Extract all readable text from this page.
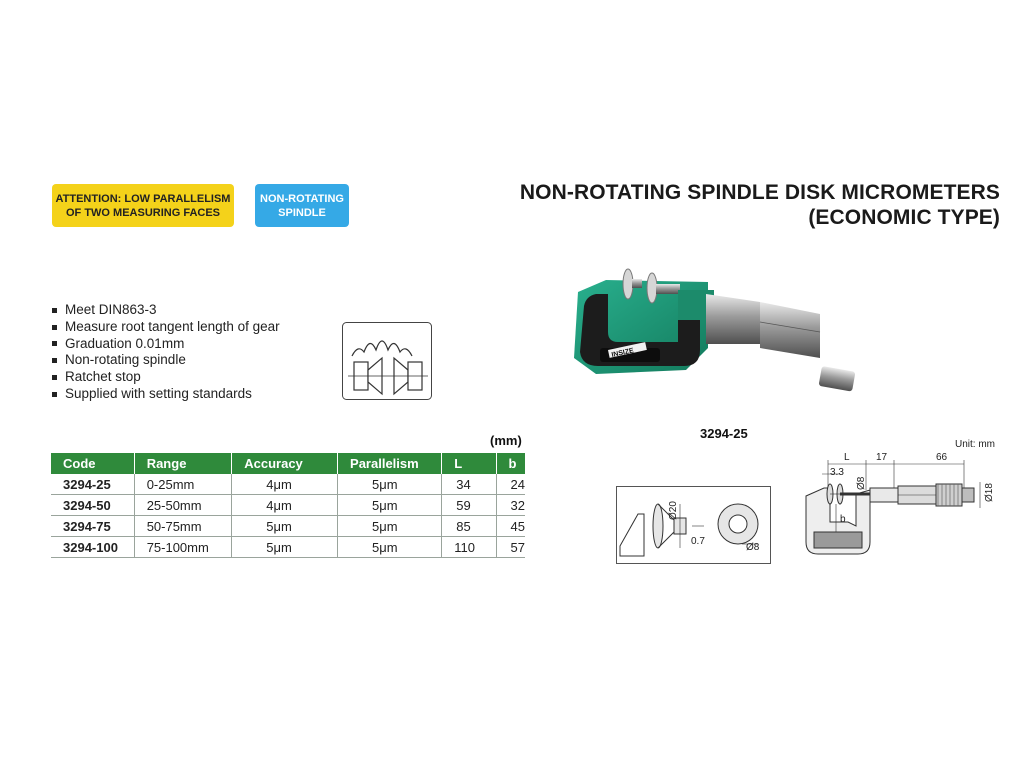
ATTENTION: LOW PARALLELISM
OF TWO MEASURING FACES
NON-ROTATING
SPINDLE
NON-ROTATING SPINDLE DISK MICROMETERS
(ECONOMIC TYPE)
Meet DIN863-3
Measure root tangent length of gear
Graduation 0.01mm
Non-rotating spindle
Ratchet stop
Supplied with setting standards
INSIZE
3294-25
(mm)
Code	Range	Accuracy	Parallelism	L	b
3294-25	0-25mm	4μm	5μm	34	24
3294-50	25-50mm	4μm	5μm	59	32
3294-75	50-75mm	5μm	5μm	85	45
3294-100	75-100mm	5μm	5μm	110	57
Ø20
0.7
Ø8
Unit: mm
L	17	66
3.3
Ø18
Ø8
b
